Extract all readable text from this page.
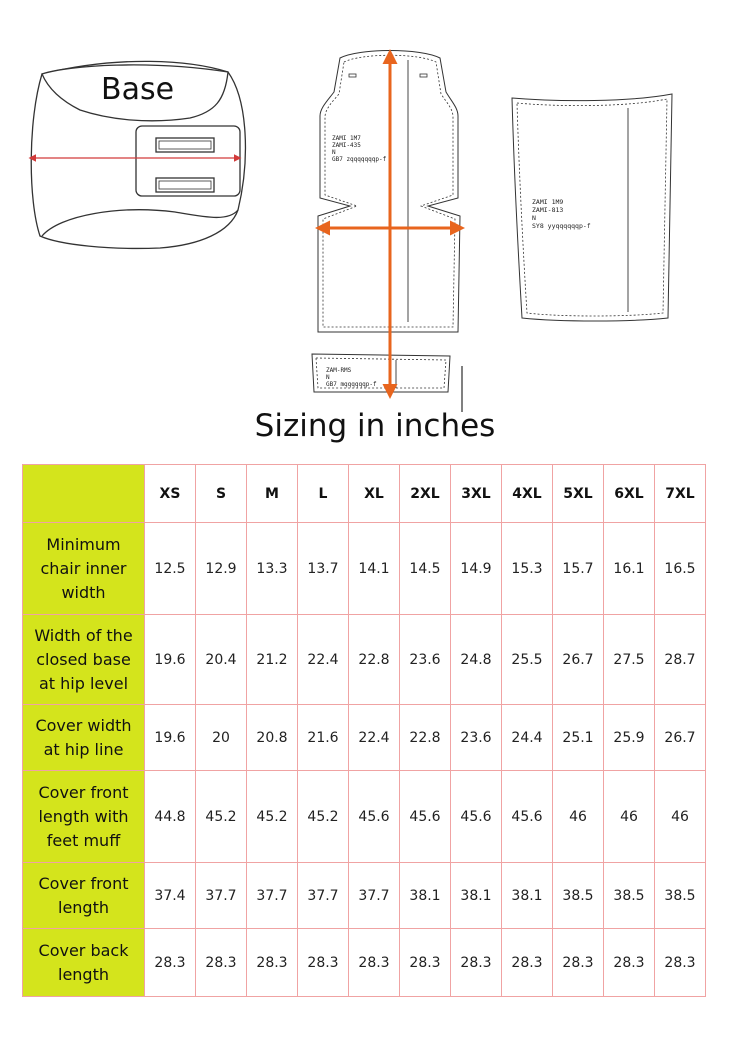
ZAMI 1M7
ZAMI-435
N
GB7 zqqqqqqqp-f
ZAM-RMS
N
GB7 mqqqqqqp-f
ZAMI 1M9
ZAMI-813
N
SY8 yyqqqqqqp-f
Base
Sizing in inches
	XS	S	M	L	XL	2XL	3XL	4XL	5XL	6XL	7XL
Minimum chair inner width	12.5	12.9	13.3	13.7	14.1	14.5	14.9	15.3	15.7	16.1	16.5
Width of the closed base at hip level	19.6	20.4	21.2	22.4	22.8	23.6	24.8	25.5	26.7	27.5	28.7
Cover width at hip line	19.6	20	20.8	21.6	22.4	22.8	23.6	24.4	25.1	25.9	26.7
Cover front length with feet muff	44.8	45.2	45.2	45.2	45.6	45.6	45.6	45.6	46	46	46
Cover front length	37.4	37.7	37.7	37.7	37.7	38.1	38.1	38.1	38.5	38.5	38.5
Cover back length	28.3	28.3	28.3	28.3	28.3	28.3	28.3	28.3	28.3	28.3	28.3
